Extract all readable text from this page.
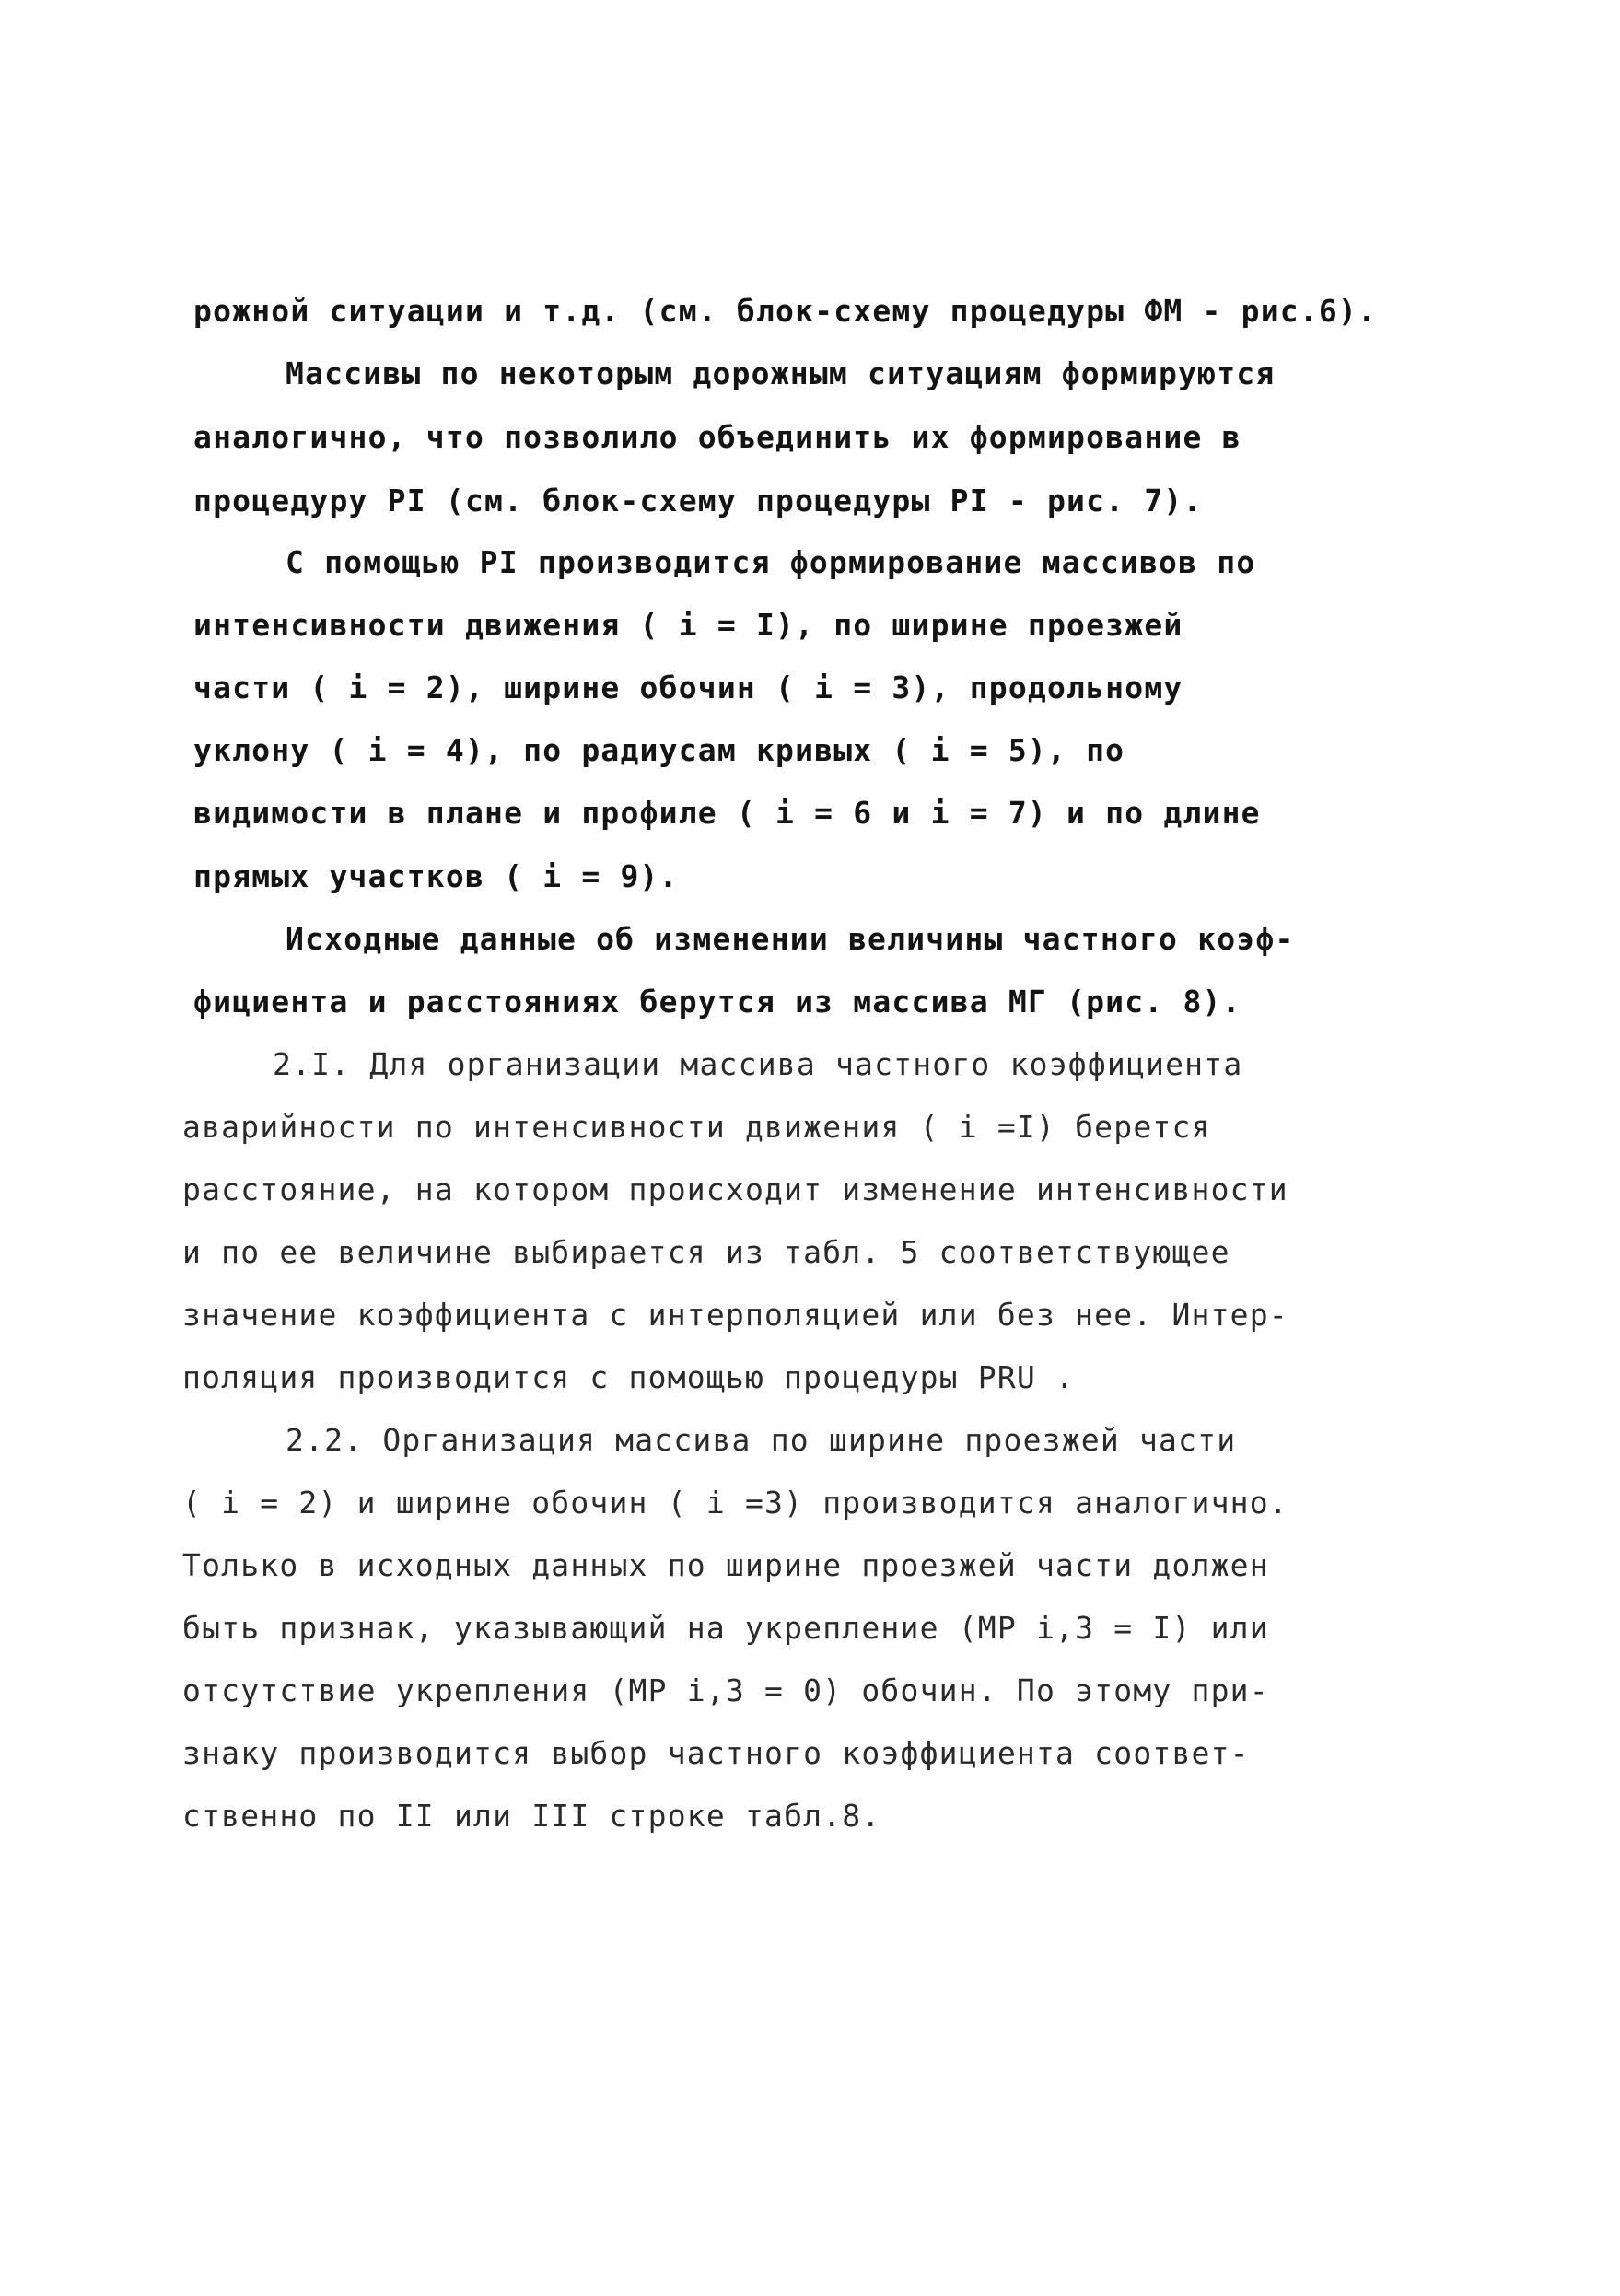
рожной ситуации и т.д. (см. блок-схему процедуры ФМ - рис.6).
Массивы по некоторым дорожным ситуациям формируются
аналогично, что позволило объединить их формирование в
процедуру PI (см. блок-схему процедуры PI - рис. 7).
С помощью PI производится формирование массивов по
интенсивности движения ( i = I), по ширине проезжей
части ( i = 2), ширине обочин ( i = 3), продольному
уклону ( i = 4), по радиусам кривых ( i = 5), по
видимости в плане и профиле ( i = 6 и i = 7) и по длине
прямых участков ( i = 9).
Исходные данные об изменении величины частного коэф-
фициента и расстояниях берутся из массива МГ (рис. 8).
2.I. Для организации массива частного коэффициента
аварийности по интенсивности движения ( i =I) берется
расстояние, на котором происходит изменение интенсивности
и по ее величине выбирается из табл. 5 соответствующее
значение коэффициента с интерполяцией или без нее. Интер-
поляция производится с помощью процедуры PRU .
2.2. Организация массива по ширине проезжей части
( i = 2) и ширине обочин ( i =3) производится аналогично.
Только в исходных данных по ширине проезжей части должен
быть признак, указывающий на укрепление (MP i,3 = I) или
отсутствие укрепления (MP i,3 = 0) обочин. По этому при-
знаку производится выбор частного коэффициента соответ-
ственно по II или III строке табл.8.
